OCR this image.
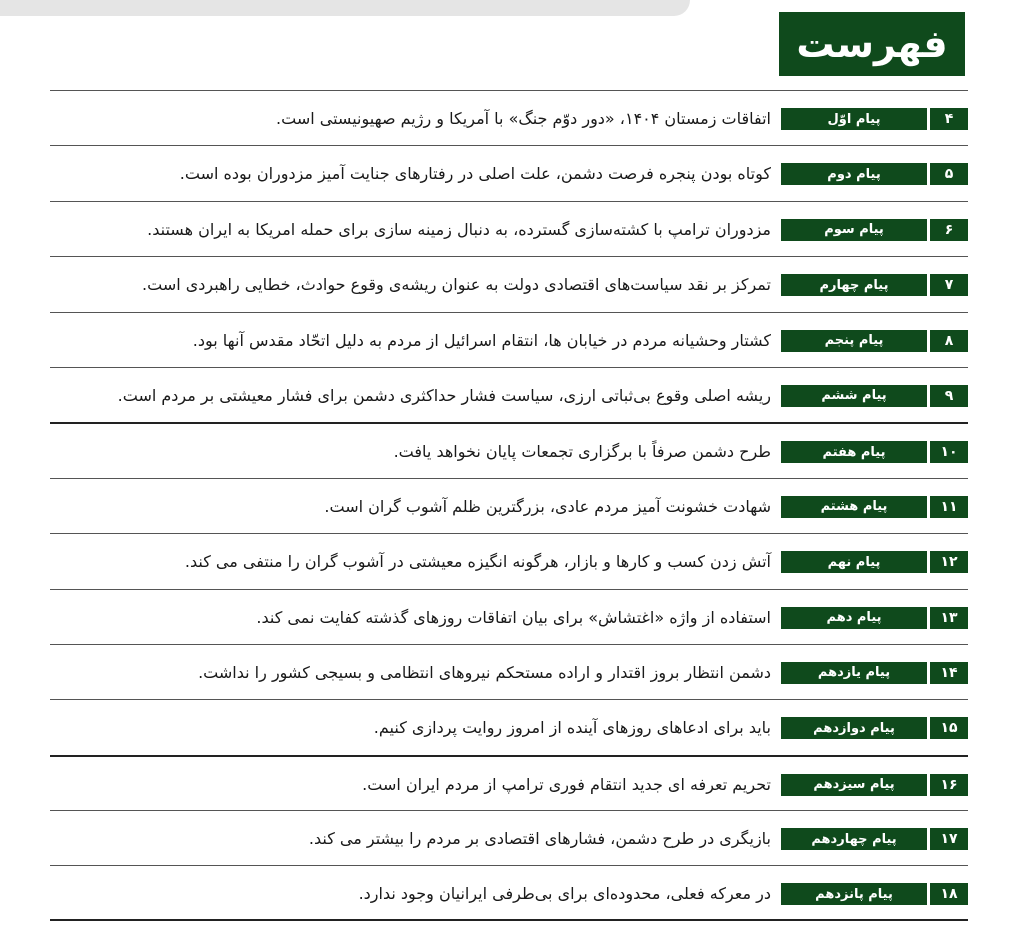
فهرست
۴
پیام اوّل
اتفاقات زمستان ۱۴۰۴، «دور دوّم جنگ» با آمریکا و رژیم صهیونیستی است.
۵
پیام دوم
کوتاه بودن پنجره فرصت دشمن، علت اصلی در رفتارهای جنایت آمیز مزدوران بوده است.
۶
پیام سوم
مزدوران ترامپ با کشته‌سازی گسترده، به دنبال زمینه سازی برای حمله امریکا به ایران هستند.
۷
پیام چهارم
تمرکز بر نقد سیاست‌های اقتصادی دولت به عنوان ریشه‌ی وقوع حوادث، خطایی راهبردی است.
۸
پیام پنجم
کشتار وحشیانه مردم در خیابان ها، انتقام اسرائیل از مردم به دلیل اتحّاد مقدس آنها بود.
۹
پیام ششم
ریشه اصلی وقوع بی‌ثباتی ارزی، سیاست فشار حداکثری دشمن برای فشار معیشتی بر مردم است.
۱۰
پیام هفتم
طرح دشمن صرفاً با برگزاری تجمعات پایان نخواهد یافت.
۱۱
پیام هشتم
شهادت خشونت آمیز مردم عادی، بزرگترین ظلم آشوب گران است.
۱۲
پیام نهم
آتش زدن کسب و کارها و بازار، هرگونه انگیزه معیشتی در آشوب گران را منتفی می کند.
۱۳
پیام دهم
استفاده از واژه «اغتشاش» برای بیان اتفاقات روزهای گذشته کفایت نمی کند.
۱۴
پیام یازدهم
دشمن انتظار بروز اقتدار و اراده مستحکم نیروهای انتظامی و بسیجی کشور را نداشت.
۱۵
پیام دوازدهم
باید برای ادعاهای روزهای آینده از امروز روایت پردازی کنیم.
۱۶
پیام سیزدهم
تحریم تعرفه ای جدید انتقام فوری ترامپ از مردم ایران است.
۱۷
پیام چهاردهم
بازیگری در طرح دشمن، فشارهای اقتصادی بر مردم را بیشتر می کند.
۱۸
پیام پانزدهم
در معرکه فعلی، محدوده‌ای برای بی‌طرفی ایرانیان وجود ندارد.
